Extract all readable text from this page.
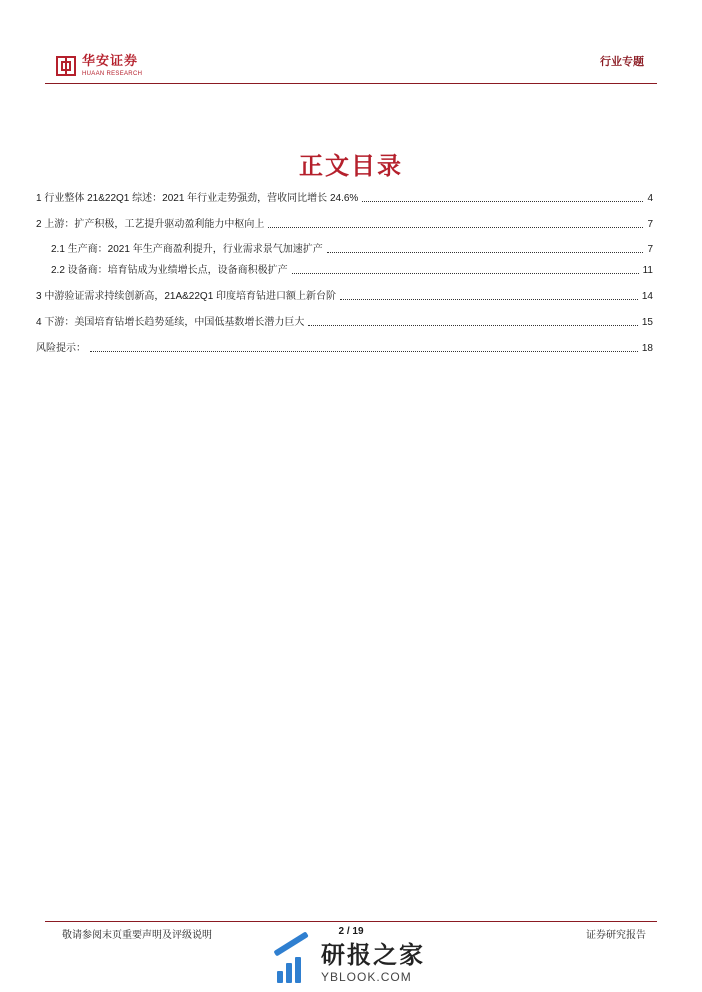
华安证券
HUAAN RESEARCH
行业专题
正文目录
1 行业整体 21&22Q1 综述：2021 年行业走势强劲，营收同比增长 24.6%	4
2 上游：扩产积极，工艺提升驱动盈利能力中枢向上	7
2.1 生产商：2021 年生产商盈利提升，行业需求景气加速扩产	7
2.2 设备商：培育钻成为业绩增长点，设备商积极扩产	11
3 中游验证需求持续创新高，21A&22Q1 印度培育钻进口额上新台阶	14
4 下游：美国培育钻增长趋势延续，中国低基数增长潜力巨大	15
风险提示：	18
敬请参阅末页重要声明及评级说明	2 / 19	证券研究报告
研报之家
YBLOOK.COM
